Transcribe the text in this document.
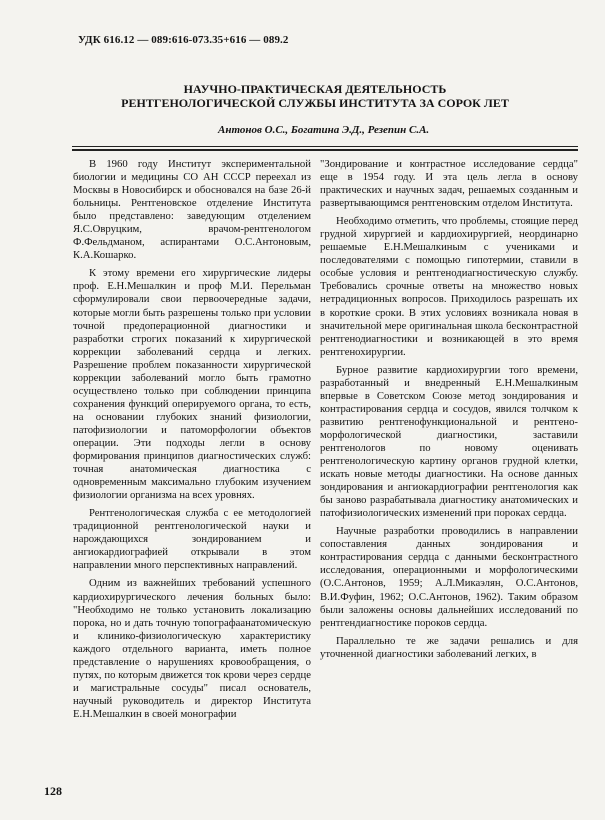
УДК 616.12 — 089:616-073.35+616 — 089.2
НАУЧНО-ПРАКТИЧЕСКАЯ ДЕЯТЕЛЬНОСТЬ
РЕНТГЕНОЛОГИЧЕСКОЙ СЛУЖБЫ ИНСТИТУТА ЗА СОРОК ЛЕТ
Антонов О.С., Богатина Э.Д., Резепин С.А.

В 1960 году Институт экспериментальной биологии и медицины СО АН СССР переехал из Москвы в Новосибирск и обосновался на базе 26-й больницы. Рентгеновское отделение Института было представлено: заведующим отделением Я.С.Овруцким, врачом-рентгенологом Ф.Фельдманом, аспирантами О.С.Антоновым, К.А.Кошарко.

К этому времени его хирургические лидеры проф. Е.Н.Мешалкин и проф М.И. Перельман сформулировали свои первоочередные задачи, которые могли быть разрешены только при условии точной предоперационной диагностики и разработки строгих показаний к хирургической коррекции заболеваний сердца и легких. Разрешение проблем показанности хирургической коррекции заболеваний могло быть грамотно осуществлено только при соблюдении принципа сохранения функций оперируемого органа, то есть, на основании глубоких знаний физиологии, патофизиологии и патоморфологии объектов операции. Эти подходы легли в основу формирования принципов диагностических служб: точная анатомическая диагностика с одновременным максимально глубоким изучением физиологии организма на всех уровнях.

Рентгенологическая служба с ее методологией традиционной рентгенологической науки и нарождающихся зондированием и ангиокардиографией открывали в этом направлении много перспективных направлений.

Одним из важнейших требований успешного кардиохирургического лечения больных было: "Необходимо не только установить локализацию порока, но и дать точную топографаанатомическую и клинико-физиологическую характеристику каждого отдельного варианта, иметь полное представление о нарушениях кровообращения, о путях, по которым движется ток крови через сердце и магистральные сосуды" писал основатель, научный руководитель и директор Института Е.Н.Мешалкин в своей монографии

"Зондирование и контрастное исследование сердца" еще в 1954 году. И эта цель легла в основу практических и научных задач, решаемых созданным и развертывающимся рентгеновским отделом Института.

Необходимо отметить, что проблемы, стоящие перед грудной хирургией и кардиохирургией, неординарно решаемые Е.Н.Мешалкиным с учениками и последователями с помощью гипотермии, ставили в особые условия и рентгенодиагностическую службу. Требовались срочные ответы на множество новых нетрадиционных вопросов. Приходилось разрешать их в короткие сроки. В этих условиях возникала новая в значительной мере оригинальная школа бесконтрастной рентгенодиагностики и возникающей в это время рентгенохирургии.

Бурное развитие кардиохирургии того времени, разработанный и внедренный Е.Н.Мешалкиным впервые в Советском Союзе метод зондирования и контрастирования сердца и сосудов, явился толчком к развитию рентгенофункциональной и рентгено-морфологической диагностики, заставили рентгенологов по новому оценивать рентгенологическую картину органов грудной клетки, искать новые методы диагностики. На основе данных зондирования и ангиокардиографии рентгенология как бы заново разрабатывала диагностику анатомических и патофизиологических изменений при пороках сердца.

Научные разработки проводились в направлении сопоставления данных зондирования и контрастирования сердца с данными бесконтрастного исследования, операционными и морфологическими (О.С.Антонов, 1959; А.Л.Микаэлян, О.С.Антонов, В.И.Фуфин, 1962; О.С.Антонов, 1962). Таким образом были заложены основы дальнейших исследований по рентгендиагностике пороков сердца.

Параллельно те же задачи решались и для уточненной диагностики заболеваний легких, в

128
